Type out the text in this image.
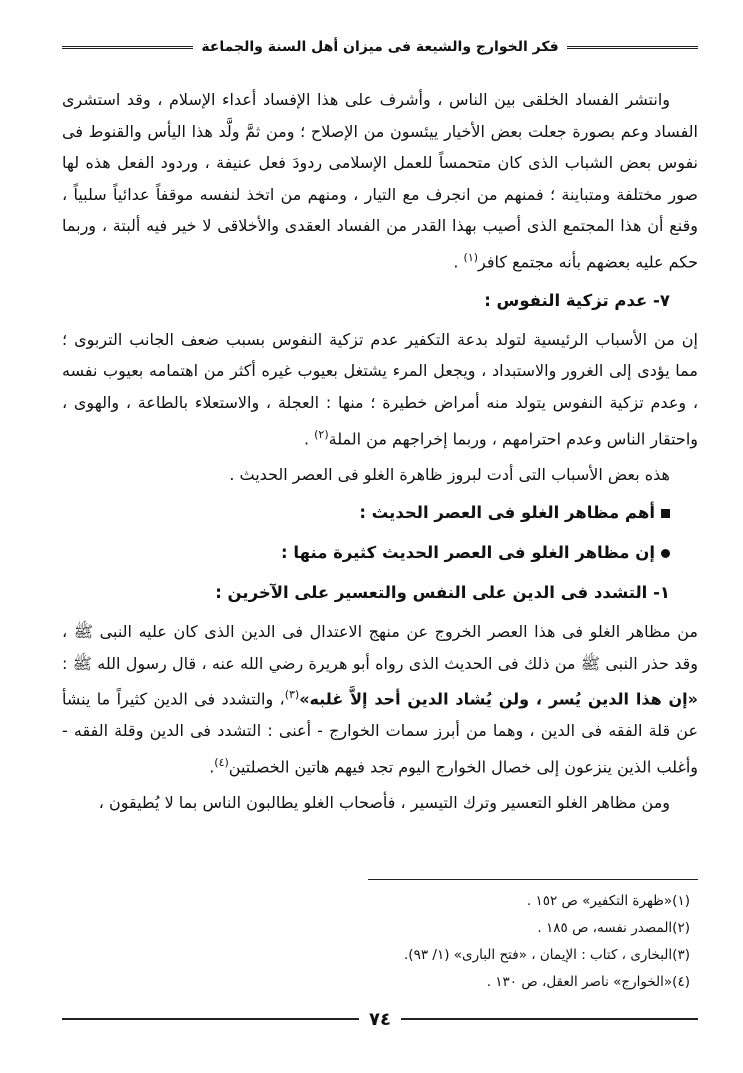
فكر الخوارج والشيعة فى ميزان أهل السنة والجماعة

وانتشر الفساد الخلقى بين الناس ، وأشرف على هذا الإفساد أعداء الإسلام ، وقد استشرى الفساد وعم بصورة جعلت بعض الأخيار ييئسون من الإصلاح ؛ ومن ثمَّ ولَّد هذا اليأس والقنوط فى نفوس بعض الشباب الذى كان متحمساً للعمل الإسلامى ردودَ فعل عنيفة ، وردود الفعل هذه لها صور مختلفة ومتباينة ؛ فمنهم من انجرف مع التيار ، ومنهم من اتخذ لنفسه موقفاً عدائياً سلبياً ، وقنع أن هذا المجتمع الذى أصيب بهذا القدر من الفساد العقدى والأخلاقى لا خير فيه ألبتة ، وربما حكم عليه بعضهم بأنه مجتمع كافر$^{(١)}$ .

٧- عدم تزكية النفوس :

إن من الأسباب الرئيسية لتولد بدعة التكفير عدم تزكية النفوس بسبب ضعف الجانب التربوى ؛ مما يؤدى إلى الغرور والاستبداد ، ويجعل المرء يشتغل بعيوب غيره أكثر من اهتمامه بعيوب نفسه ، وعدم تزكية النفوس يتولد منه أمراض خطيرة ؛ منها : العجلة ، والاستعلاء بالطاعة ، والهوى ، واحتقار الناس وعدم احترامهم ، وربما إخراجهم من الملة$^{(٢)}$ .

هذه بعض الأسباب التى أدت لبروز ظاهرة الغلو فى العصر الحديث .

أهم مظاهر الغلو فى العصر الحديث :
إن مظاهر الغلو فى العصر الحديث كثيرة منها :
١- التشدد فى الدين على النفس والتعسير على الآخرين :

من مظاهر الغلو فى هذا العصر الخروج عن منهج الاعتدال فى الدين الذى كان عليه النبى ﷺ ، وقد حذر النبى ﷺ من ذلك فى الحديث الذى رواه أبو هريرة رضي الله عنه ، قال رسول الله ﷺ : «إن هذا الدين يُسر ، ولن يُشاد الدين أحد إلاَّ غلبه»$^{(٣)}$، والتشدد فى الدين كثيراً ما ينشأ عن قلة الفقه فى الدين ، وهما من أبرز سمات الخوارج - أعنى : التشدد فى الدين وقلة الفقه - وأغلب الذين ينزعون إلى خصال الخوارج اليوم تجد فيهم هاتين الخصلتين$^{(٤)}$.

ومن مظاهر الغلو التعسير وترك التيسير ، فأصحاب الغلو يطالبون الناس بما لا يُطيقون ،

(١)«ظهرة التكفير» ص ١٥٢ .
(٢)المصدر نفسه، ص ١٨٥ .
(٣)البخارى ، كتاب : الإيمان ، «فتح البارى» (١/ ٩٣).
(٤)«الخوارج» ناصر العقل، ص ١٣٠ .
٧٤
